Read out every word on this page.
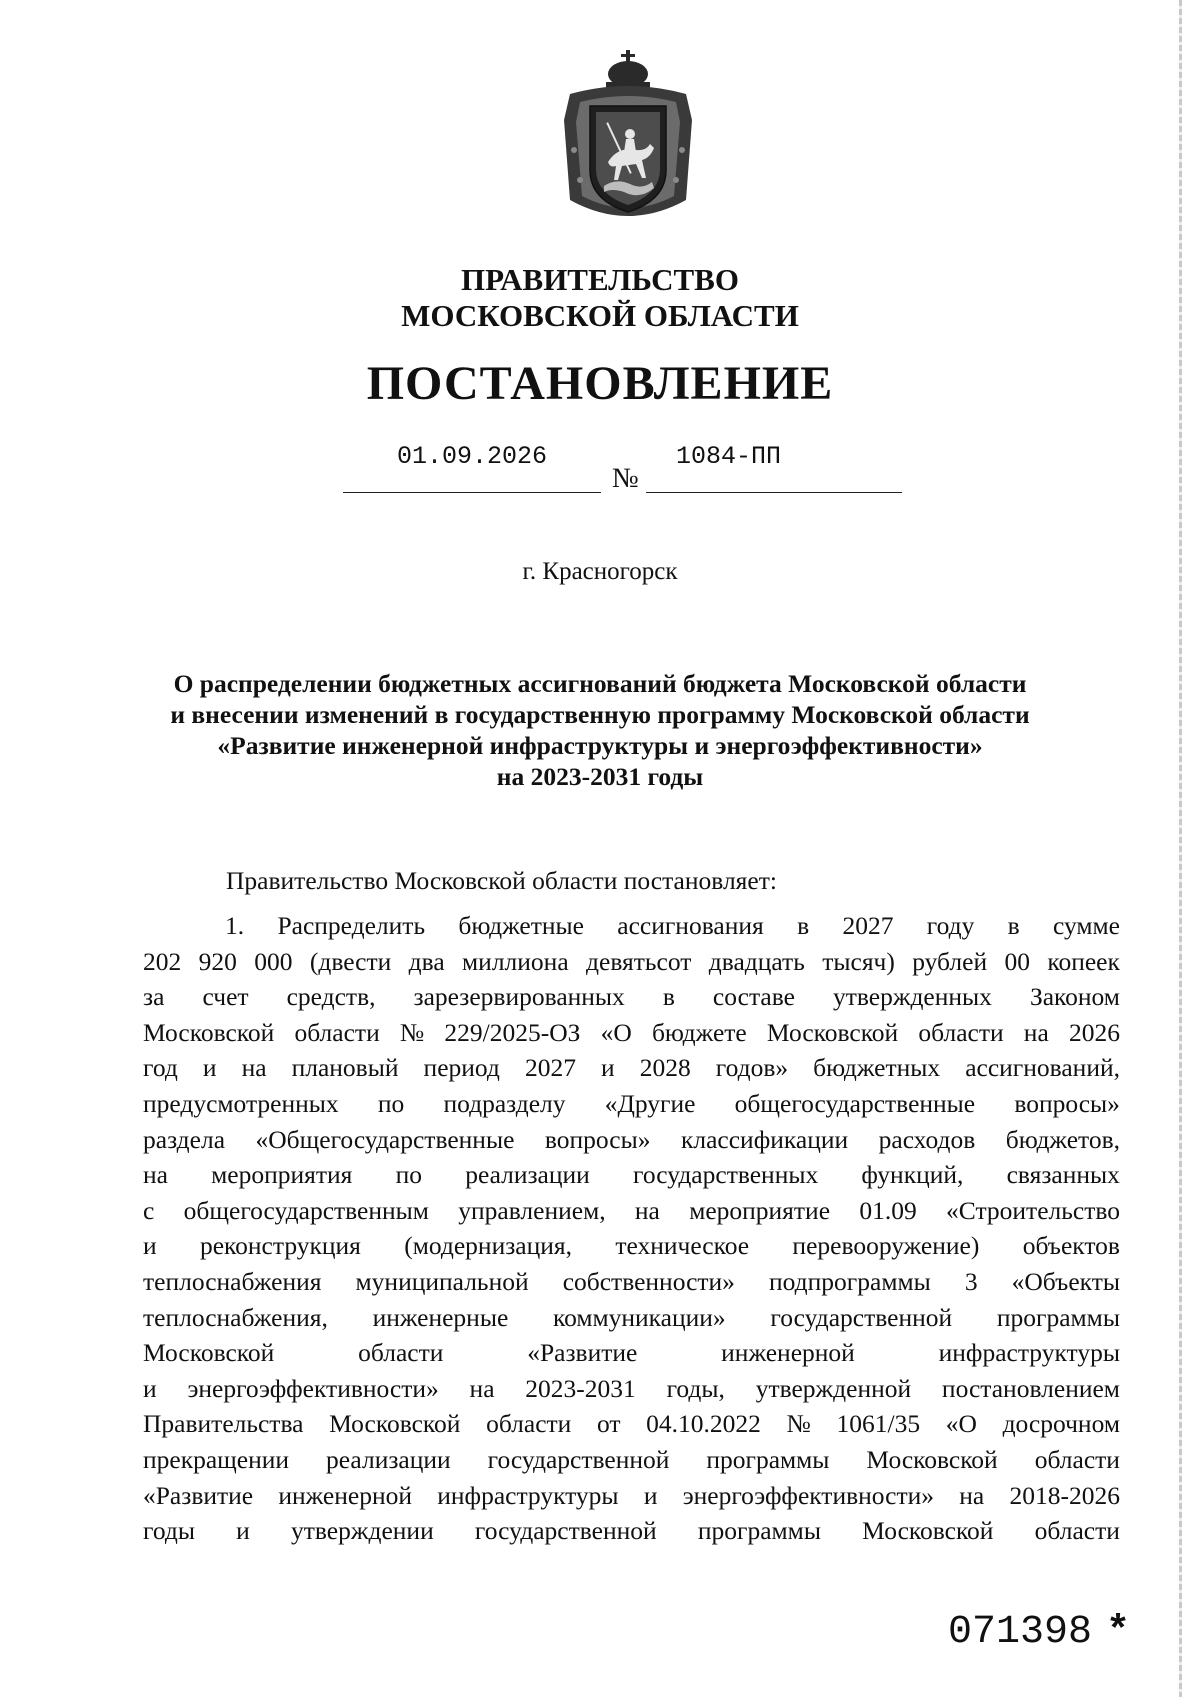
ПРАВИТЕЛЬСТВО
МОСКОВСКОЙ ОБЛАСТИ
ПОСТАНОВЛЕНИЕ
01.09.2026
№
1084-ПП
г. Красногорск
О распределении бюджетных ассигнований бюджета Московской области
и внесении изменений в государственную программу Московской области
«Развитие инженерной инфраструктуры и энергоэффективности»
на 2023-2031 годы
Правительство Московской области постановляет:
1. Распределить бюджетные ассигнования в 2027 году в сумме
202 920 000 (двести два миллиона девятьсот двадцать тысяч) рублей 00 копеек
за счет средств, зарезервированных в составе утвержденных Законом
Московской области № 229/2025-ОЗ «О бюджете Московской области на 2026
год и на плановый период 2027 и 2028 годов» бюджетных ассигнований,
предусмотренных по подразделу «Другие общегосударственные вопросы»
раздела «Общегосударственные вопросы» классификации расходов бюджетов,
на мероприятия по реализации государственных функций, связанных
с общегосударственным управлением, на мероприятие 01.09 «Строительство
и реконструкция (модернизация, техническое перевооружение) объектов
теплоснабжения муниципальной собственности» подпрограммы 3 «Объекты
теплоснабжения, инженерные коммуникации» государственной программы
Московской	области	«Развитие	инженерной	инфраструктуры
и энергоэффективности» на 2023-2031 годы, утвержденной постановлением
Правительства Московской области от 04.10.2022 № 1061/35 «О досрочном
прекращении реализации государственной программы Московской области
«Развитие инженерной инфраструктуры и энергоэффективности» на 2018-2026
годы и утверждении государственной программы Московской области
071398 *
